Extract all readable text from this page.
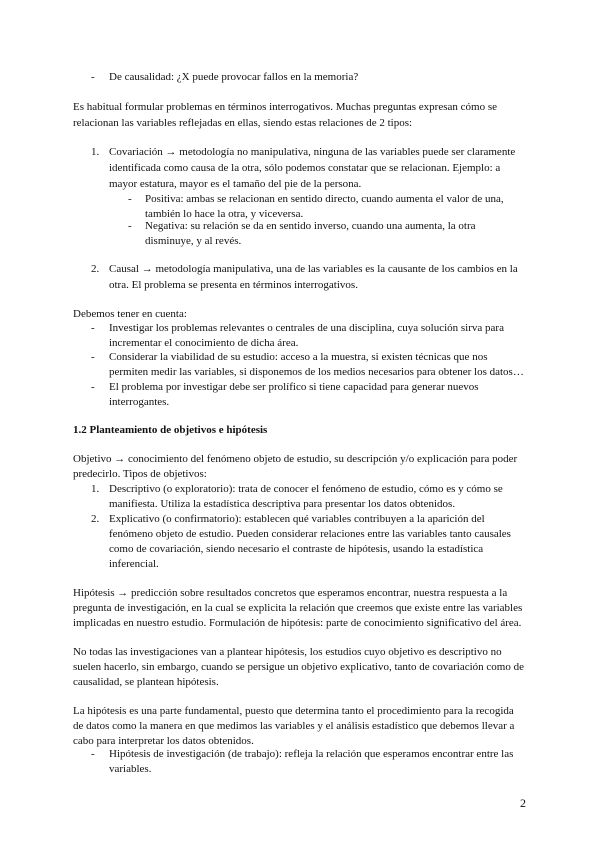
- De causalidad: ¿X puede provocar fallos en la memoria?
Es habitual formular problemas en términos interrogativos. Muchas preguntas expresan cómo se
relacionan las variables reflejadas en ellas, siendo estas relaciones de 2 tipos:
1. Covariación → metodología no manipulativa, ninguna de las variables puede ser claramente
identificada como causa de la otra, sólo podemos constatar que se relacionan. Ejemplo: a
mayor estatura, mayor es el tamaño del pie de la persona.
- Positiva: ambas se relacionan en sentido directo, cuando aumenta el valor de una,
también lo hace la otra, y viceversa.
- Negativa: su relación se da en sentido inverso, cuando una aumenta, la otra
disminuye, y al revés.
2. Causal → metodología manipulativa, una de las variables es la causante de los cambios en la
otra. El problema se presenta en términos interrogativos.
Debemos tener en cuenta:
- Investigar los problemas relevantes o centrales de una disciplina, cuya solución sirva para
incrementar el conocimiento de dicha área.
- Considerar la viabilidad de su estudio: acceso a la muestra, si existen técnicas que nos
permiten medir las variables, si disponemos de los medios necesarios para obtener los datos…
- El problema por investigar debe ser prolífico si tiene capacidad para generar nuevos
interrogantes.
1.2 Planteamiento de objetivos e hipótesis
Objetivo → conocimiento del fenómeno objeto de estudio, su descripción y/o explicación para poder
predecirlo. Tipos de objetivos:
1. Descriptivo (o exploratorio): trata de conocer el fenómeno de estudio, cómo es y cómo se
manifiesta. Utiliza la estadística descriptiva para presentar los datos obtenidos.
2. Explicativo (o confirmatorio): establecen qué variables contribuyen a la aparición del
fenómeno objeto de estudio. Pueden considerar relaciones entre las variables tanto causales
como de covariación, siendo necesario el contraste de hipótesis, usando la estadística
inferencial.
Hipótesis → predicción sobre resultados concretos que esperamos encontrar, nuestra respuesta a la
pregunta de investigación, en la cual se explicita la relación que creemos que existe entre las variables
implicadas en nuestro estudio. Formulación de hipótesis: parte de conocimiento significativo del área.
No todas las investigaciones van a plantear hipótesis, los estudios cuyo objetivo es descriptivo no
suelen hacerlo, sin embargo, cuando se persigue un objetivo explicativo, tanto de covariación como de
causalidad, se plantean hipótesis.
La hipótesis es una parte fundamental, puesto que determina tanto el procedimiento para la recogida
de datos como la manera en que medimos las variables y el análisis estadístico que debemos llevar a
cabo para interpretar los datos obtenidos.
- Hipótesis de investigación (de trabajo): refleja la relación que esperamos encontrar entre las
variables.
2
